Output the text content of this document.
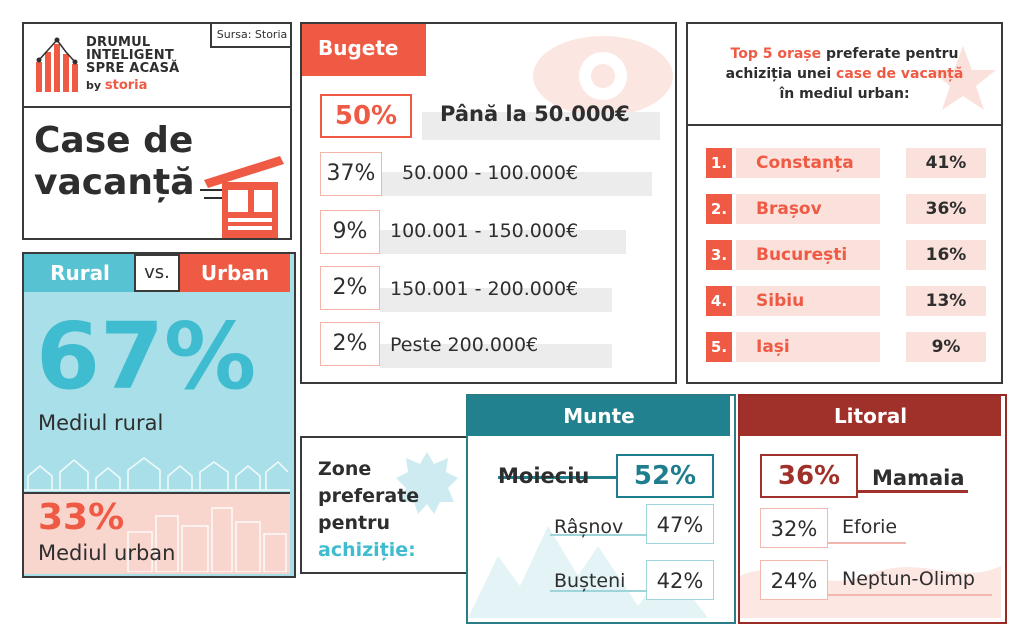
DRUMUL
INTELIGENT
SPRE ACASĂ
by storia
Sursa: Storia
Case de
vacanță
Rural	vs.	Urban
67%
Mediul rural
33%
Mediul urban
Bugete
50%	Până la 50.000€
37%	50.000 - 100.000€
9%	100.001 - 150.000€
2%	150.001 - 200.000€
2%	Peste 200.000€
Top 5 orașe preferate pentru
achiziția unei case de vacanță
în mediul urban:
1.	Constanța	41%
2.	Brașov	36%
3.	București	16%
4.	Sibiu	13%
5.	Iași	9%
Zone
preferate
pentru
achiziție:
Munte
Moieciu	52%
Râșnov	47%
Bușteni	42%
Litoral
36%	Mamaia
32%	Eforie
24%	Neptun-Olimp
